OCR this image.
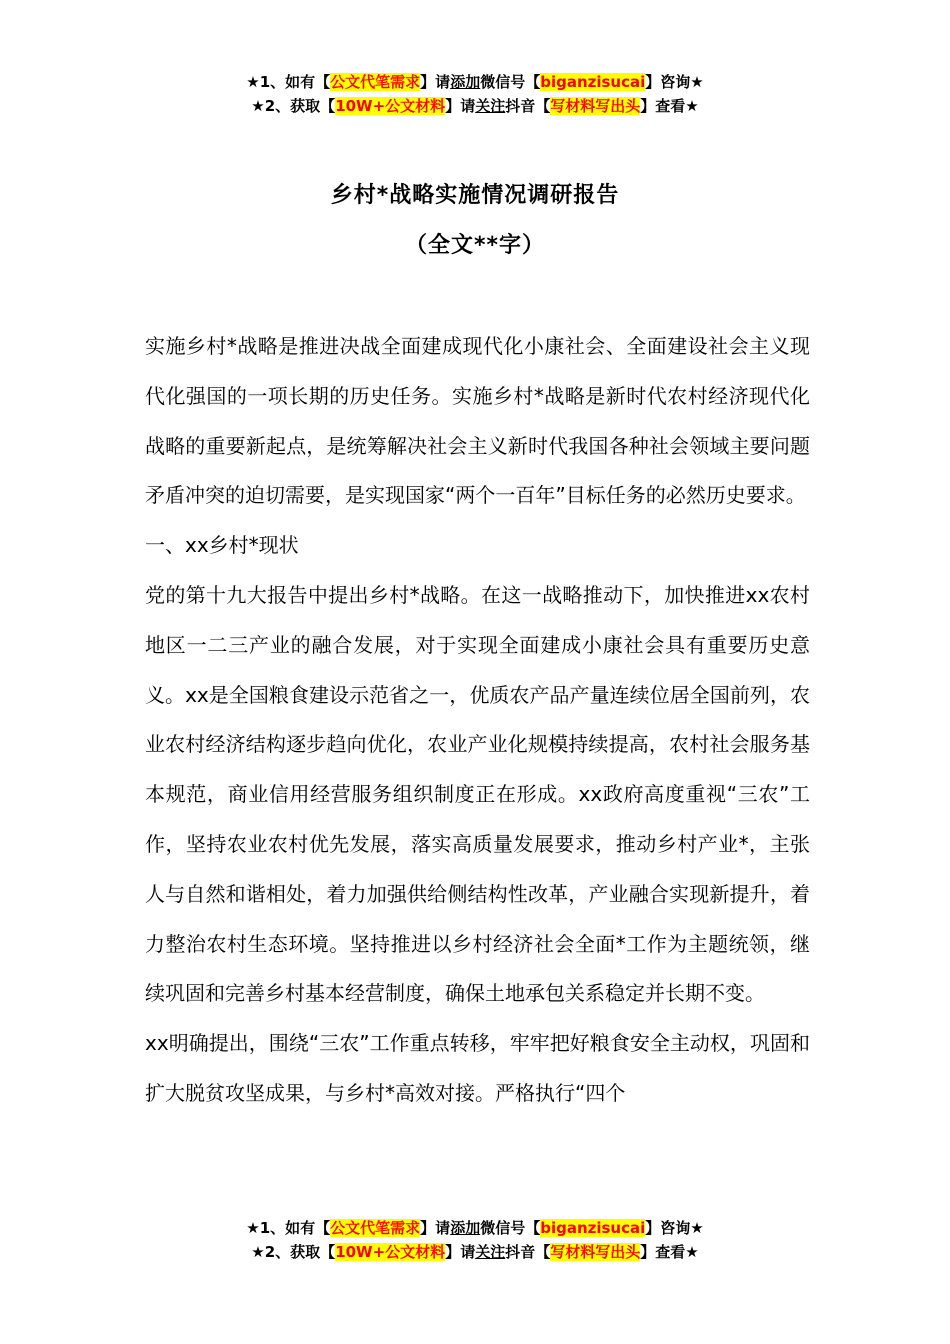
★1、如有【公文代笔需求】请添加微信号【biganzisucai】咨询★
★2、获取【10W+公文材料】请关注抖音【写材料写出头】查看★
乡村*战略实施情况调研报告
（全文**字）

实施乡村*战略是推进决战全面建成现代化小康社会、全面建设社会主义现代化强国的一项长期的历史任务。实施乡村*战略是新时代农村经济现代化战略的重要新起点，是统筹解决社会主义新时代我国各种社会领域主要问题矛盾冲突的迫切需要，是实现国家“两个一百年”目标任务的必然历史要求。

一、xx乡村*现状

党的第十九大报告中提出乡村*战略。在这一战略推动下，加快推进xx农村地区一二三产业的融合发展，对于实现全面建成小康社会具有重要历史意义。xx是全国粮食建设示范省之一，优质农产品产量连续位居全国前列，农业农村经济结构逐步趋向优化，农业产业化规模持续提高，农村社会服务基本规范，商业信用经营服务组织制度正在形成。xx政府高度重视“三农”工作，坚持农业农村优先发展，落实高质量发展要求，推动乡村产业*，主张人与自然和谐相处，着力加强供给侧结构性改革，产业融合实现新提升，着力整治农村生态环境。坚持推进以乡村经济社会全面*工作为主题统领，继续巩固和完善乡村基本经营制度，确保土地承包关系稳定并长期不变。

xx明确提出，围绕“三农”工作重点转移，牢牢把好粮食安全主动权，巩固和扩大脱贫攻坚成果，与乡村*高效对接。严格执行“四个

★1、如有【公文代笔需求】请添加微信号【biganzisucai】咨询★
★2、获取【10W+公文材料】请关注抖音【写材料写出头】查看★
